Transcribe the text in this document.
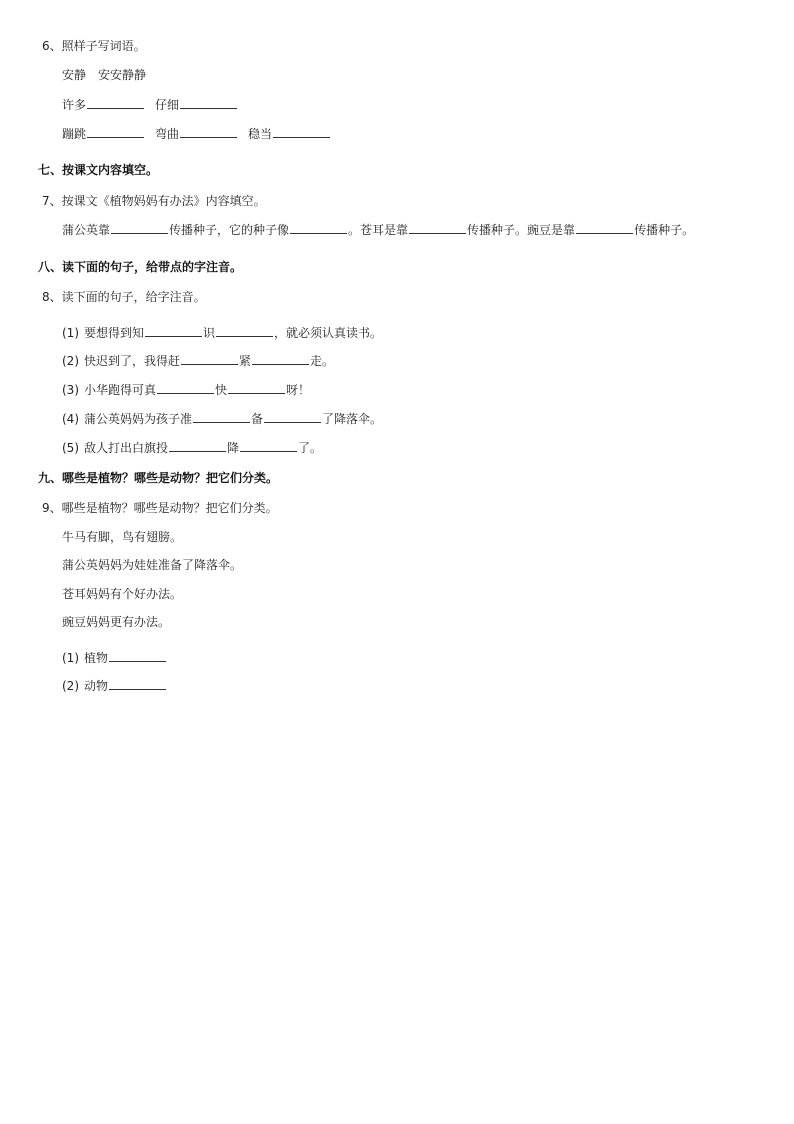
6、照样子写词语。
安静 安安静静
许多	仔细
蹦跳	弯曲	稳当
七、按课文内容填空。
7、按课文《植物妈妈有办法》内容填空。
蒲公英靠	传播种子，它的种子像	。苍耳是靠	传播种子。豌豆是靠	传播种子。
八、读下面的句子，给带点的字注音。
8、读下面的句子，给字注音。
(1) 要想得到知	识	，就必须认真读书。
(2) 快迟到了，我得赶	紧	走。
(3) 小华跑得可真	快	呀！
(4) 蒲公英妈妈为孩子准	备	了降落伞。
(5) 敌人打出白旗投	降	了。
九、哪些是植物？哪些是动物？把它们分类。
9、哪些是植物？哪些是动物？把它们分类。
牛马有脚，鸟有翅膀。
蒲公英妈妈为娃娃准备了降落伞。
苍耳妈妈有个好办法。
豌豆妈妈更有办法。
(1) 植物
(2) 动物
